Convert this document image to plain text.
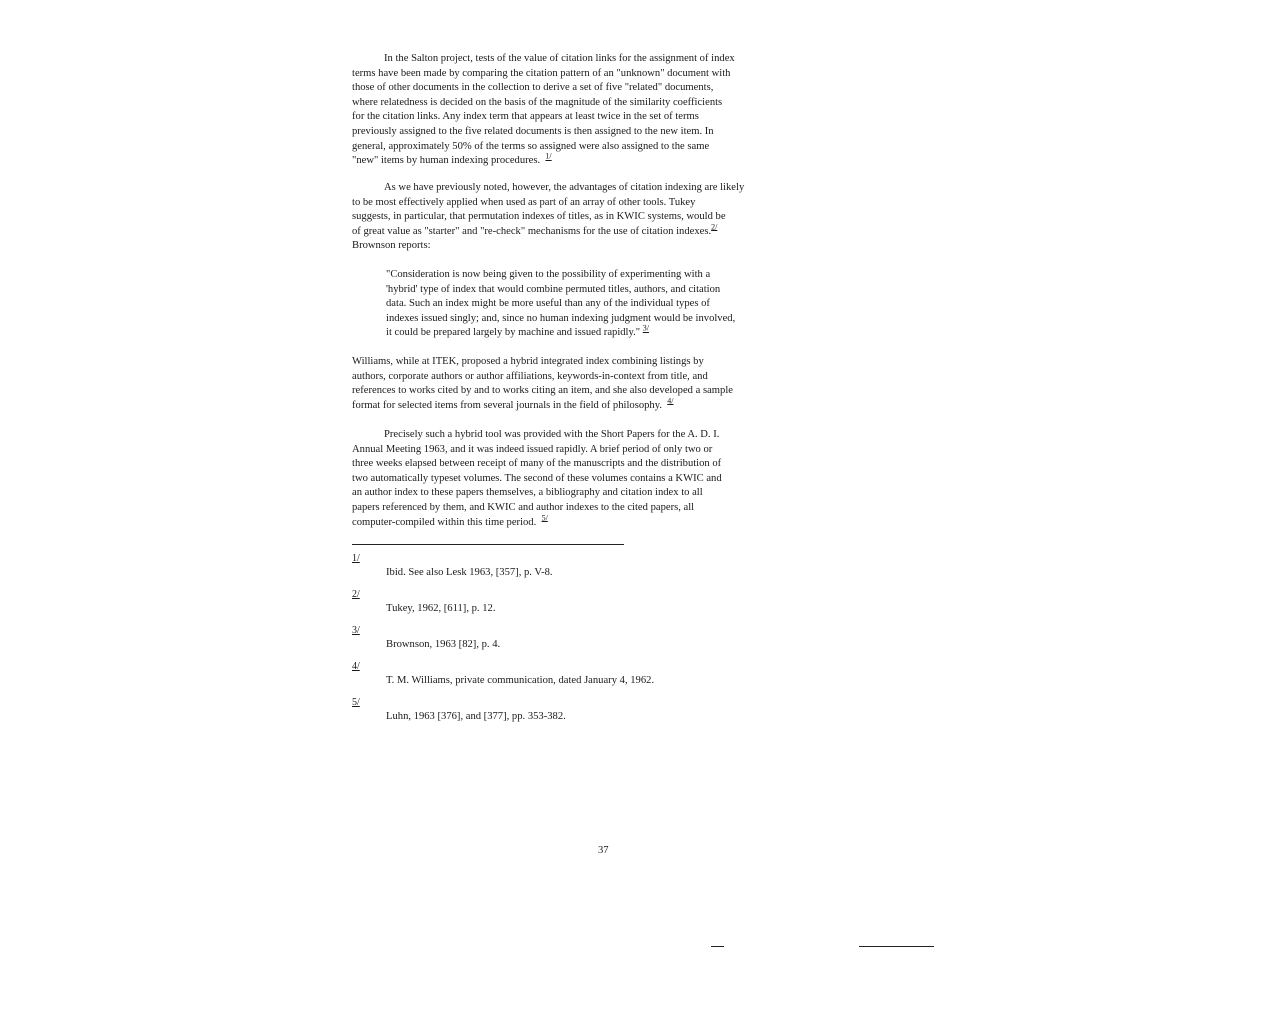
In the Salton project, tests of the value of citation links for the assignment of index
terms have been made by comparing the citation pattern of an "unknown" document with
those of other documents in the collection to derive a set of five "related" documents,
where relatedness is decided on the basis of the magnitude of the similarity coefficients
for the citation links. Any index term that appears at least twice in the set of terms
previously assigned to the five related documents is then assigned to the new item. In
general, approximately 50% of the terms so assigned were also assigned to the same
"new" items by human indexing procedures. $^{1/}$
As we have previously noted, however, the advantages of citation indexing are likely
to be most effectively applied when used as part of an array of other tools. Tukey
suggests, in particular, that permutation indexes of titles, as in KWIC systems, would be
of great value as "starter" and "re-check" mechanisms for the use of citation indexes.$^{2/}$
Brownson reports:
"Consideration is now being given to the possibility of experimenting with a
'hybrid' type of index that would combine permuted titles, authors, and citation
data. Such an index might be more useful than any of the individual types of
indexes issued singly; and, since no human indexing judgment would be involved,
it could be prepared largely by machine and issued rapidly." $^{3/}$
Williams, while at ITEK, proposed a hybrid integrated index combining listings by
authors, corporate authors or author affiliations, keywords-in-context from title, and
references to works cited by and to works citing an item, and she also developed a sample
format for selected items from several journals in the field of philosophy. $^{4/}$
Precisely such a hybrid tool was provided with the Short Papers for the A. D. I.
Annual Meeting 1963, and it was indeed issued rapidly. A brief period of only two or
three weeks elapsed between receipt of many of the manuscripts and the distribution of
two automatically typeset volumes. The second of these volumes contains a KWIC and
an author index to these papers themselves, a bibliography and citation index to all
papers referenced by them, and KWIC and author indexes to the cited papers, all
computer-compiled within this time period. $^{5/}$
1/
Ibid. See also Lesk 1963, [357], p. V-8.
2/
Tukey, 1962, [611], p. 12.
3/
Brownson, 1963 [82], p. 4.
4/
T. M. Williams, private communication, dated January 4, 1962.
5/
Luhn, 1963 [376], and [377], pp. 353-382.
37
